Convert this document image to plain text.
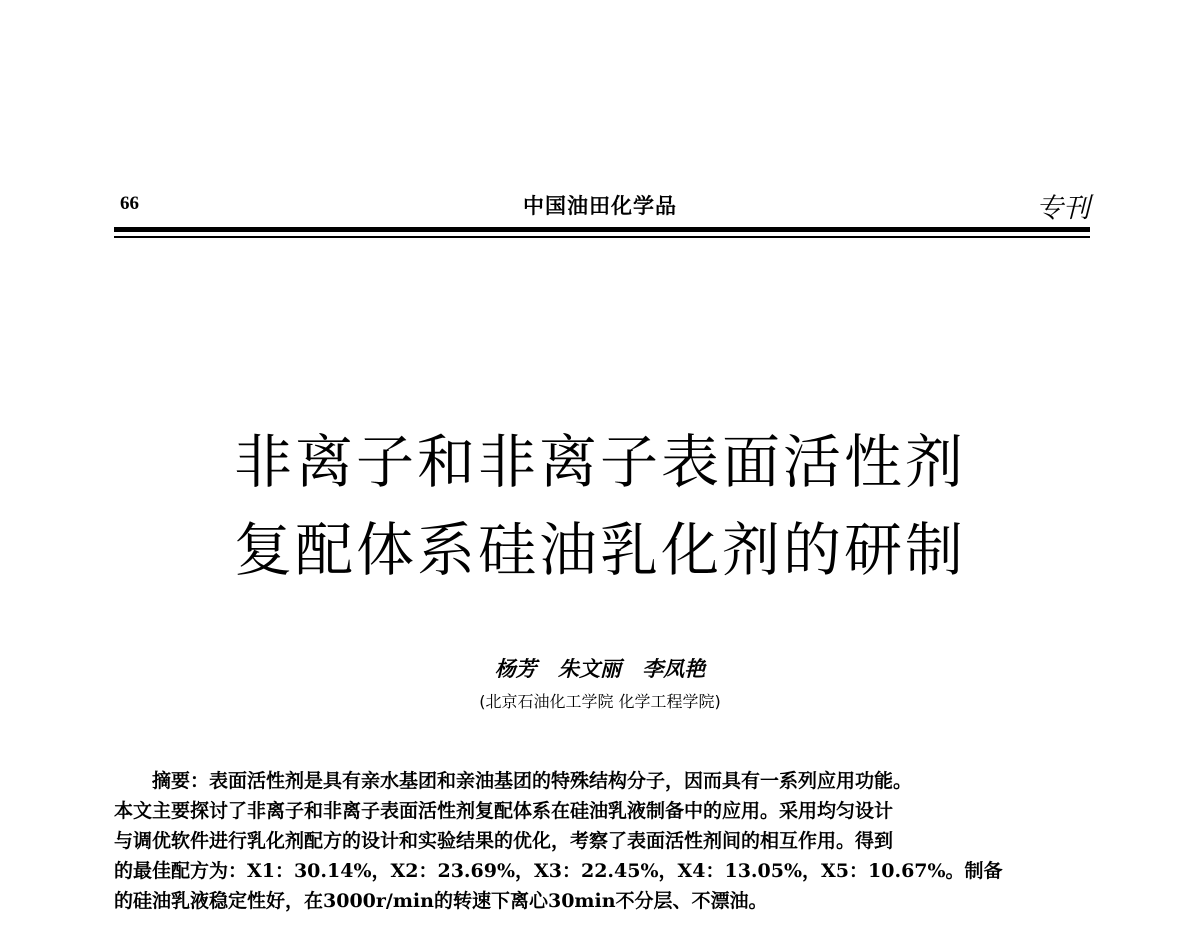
66	中国油田化学品	专刊
非离子和非离子表面活性剂
复配体系硅油乳化剂的研制
杨芳 朱文丽 李凤艳
(北京石油化工学院 化学工程学院)

摘要：表面活性剂是具有亲水基团和亲油基团的特殊结构分子，因而具有一系列应用功能。

本文主要探讨了非离子和非离子表面活性剂复配体系在硅油乳液制备中的应用。采用均匀设计

与调优软件进行乳化剂配方的设计和实验结果的优化，考察了表面活性剂间的相互作用。得到

的最佳配方为：X1：30.14%，X2：23.69%，X3：22.45%，X4：13.05%，X5：10.67%。制备

的硅油乳液稳定性好，在3000r/min的转速下离心30min不分层、不漂油。
